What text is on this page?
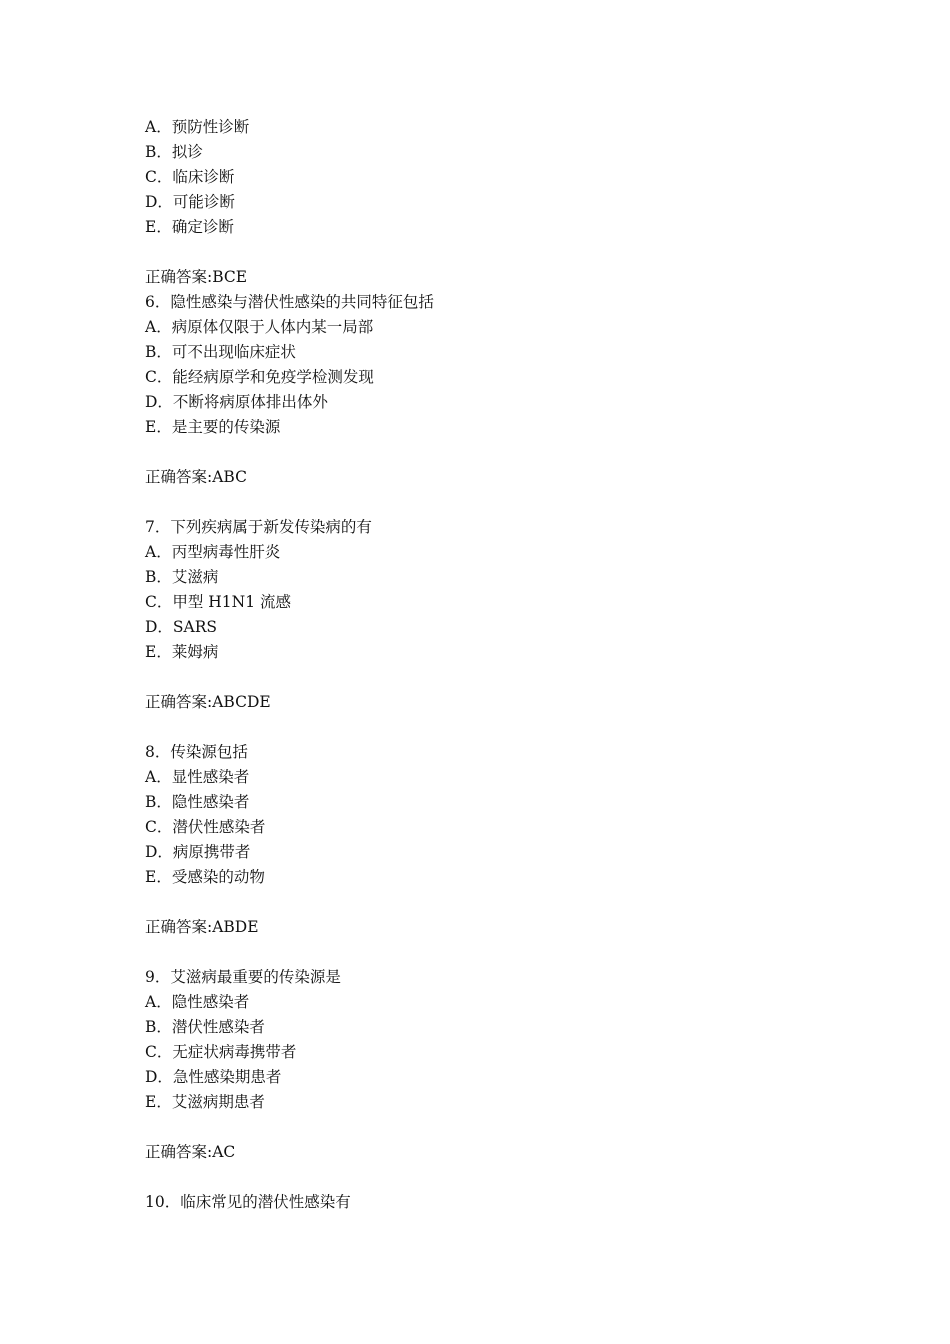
A．预防性诊断
B．拟诊
C．临床诊断
D．可能诊断
E．确定诊断
正确答案:BCE
6．隐性感染与潜伏性感染的共同特征包括
A．病原体仅限于人体内某一局部
B．可不出现临床症状
C．能经病原学和免疫学检测发现
D．不断将病原体排出体外
E．是主要的传染源
正确答案:ABC
7．下列疾病属于新发传染病的有
A．丙型病毒性肝炎
B．艾滋病
C．甲型 H1N1 流感
D．SARS
E．莱姆病
正确答案:ABCDE
8．传染源包括
A．显性感染者
B．隐性感染者
C．潜伏性感染者
D．病原携带者
E．受感染的动物
正确答案:ABDE
9．艾滋病最重要的传染源是
A．隐性感染者
B．潜伏性感染者
C．无症状病毒携带者
D．急性感染期患者
E．艾滋病期患者
正确答案:AC
10．临床常见的潜伏性感染有
